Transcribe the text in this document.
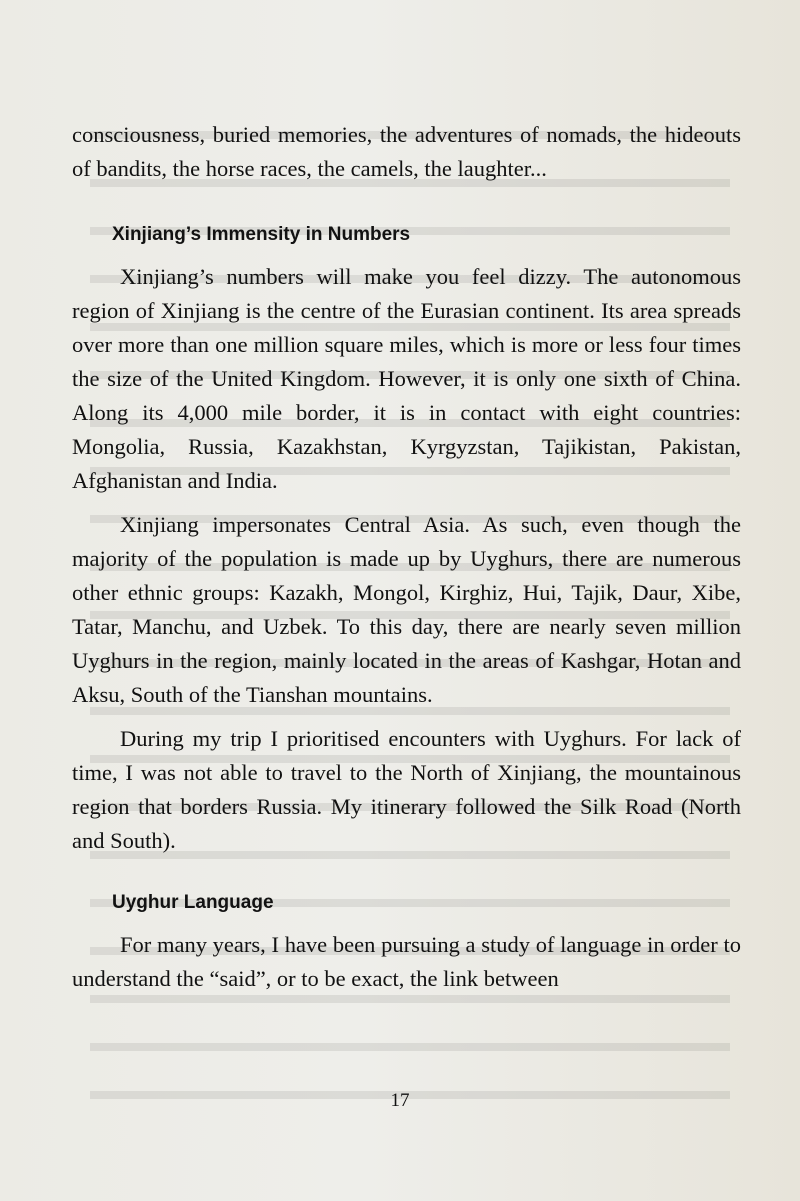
consciousness, buried memories, the adventures of nomads, the hideouts of bandits, the horse races, the camels, the laughter...

Xinjiang’s Immensity in Numbers

Xinjiang’s numbers will make you feel dizzy. The autonomous region of Xinjiang is the centre of the Eurasian continent. Its area spreads over more than one million square miles, which is more or less four times the size of the United Kingdom. However, it is only one sixth of China. Along its 4,000 mile border, it is in contact with eight countries: Mongolia, Russia, Kazakhstan, Kyrgyzstan, Tajikistan, Pakistan, Afghanistan and India.

Xinjiang impersonates Central Asia. As such, even though the majority of the population is made up by Uyghurs, there are numerous other ethnic groups: Kazakh, Mongol, Kirghiz, Hui, Tajik, Daur, Xibe, Tatar, Manchu, and Uzbek. To this day, there are nearly seven million Uyghurs in the region, mainly located in the areas of Kashgar, Hotan and Aksu, South of the Tianshan mountains.

During my trip I prioritised encounters with Uyghurs. For lack of time, I was not able to travel to the North of Xinjiang, the mountainous region that borders Russia. My itinerary followed the Silk Road (North and South).

Uyghur Language

For many years, I have been pursuing a study of language in order to understand the “said”, or to be exact, the link between

17
